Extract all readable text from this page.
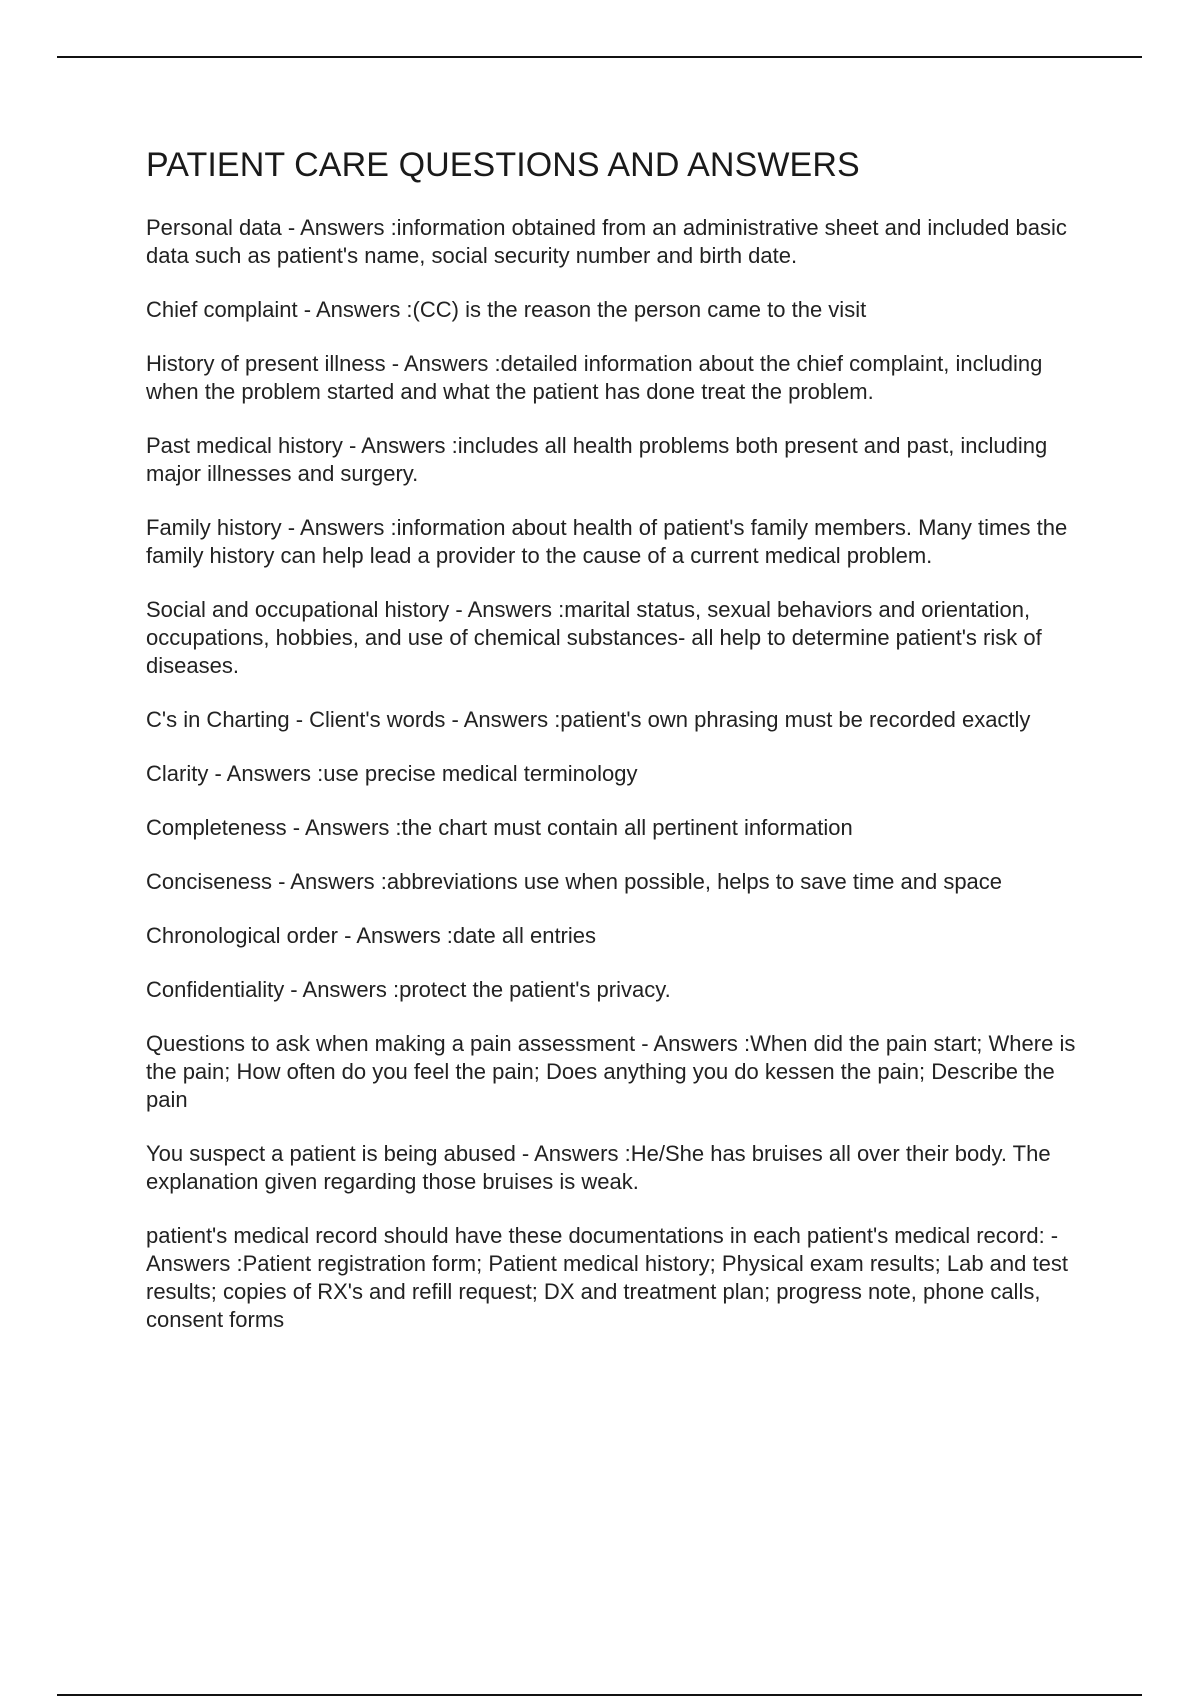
PATIENT CARE QUESTIONS AND ANSWERS
Personal data - Answers :information obtained from an administrative sheet and included basic data such as patient's name, social security number and birth date.
Chief complaint - Answers :(CC) is the reason the person came to the visit
History of present illness - Answers :detailed information about the chief complaint, including when the problem started and what the patient has done treat the problem.
Past medical history - Answers :includes all health problems both present and past, including major illnesses and surgery.
Family history - Answers :information about health of patient's family members. Many times the family history can help lead a provider to the cause of a current medical problem.
Social and occupational history - Answers :marital status, sexual behaviors and orientation, occupations, hobbies, and use of chemical substances- all help to determine patient's risk of diseases.
C's in Charting - Client's words - Answers :patient's own phrasing must be recorded exactly
Clarity - Answers :use precise medical terminology
Completeness - Answers :the chart must contain all pertinent information
Conciseness - Answers :abbreviations use when possible, helps to save time and space
Chronological order - Answers :date all entries
Confidentiality - Answers :protect the patient's privacy.
Questions to ask when making a pain assessment - Answers :When did the pain start; Where is the pain; How often do you feel the pain; Does anything you do kessen the pain; Describe the pain
You suspect a patient is being abused - Answers :He/She has bruises all over their body. The explanation given regarding those bruises is weak.
patient's medical record should have these documentations in each patient's medical record: - Answers :Patient registration form; Patient medical history; Physical exam results; Lab and test results; copies of RX's and refill request; DX and treatment plan; progress note, phone calls, consent forms
